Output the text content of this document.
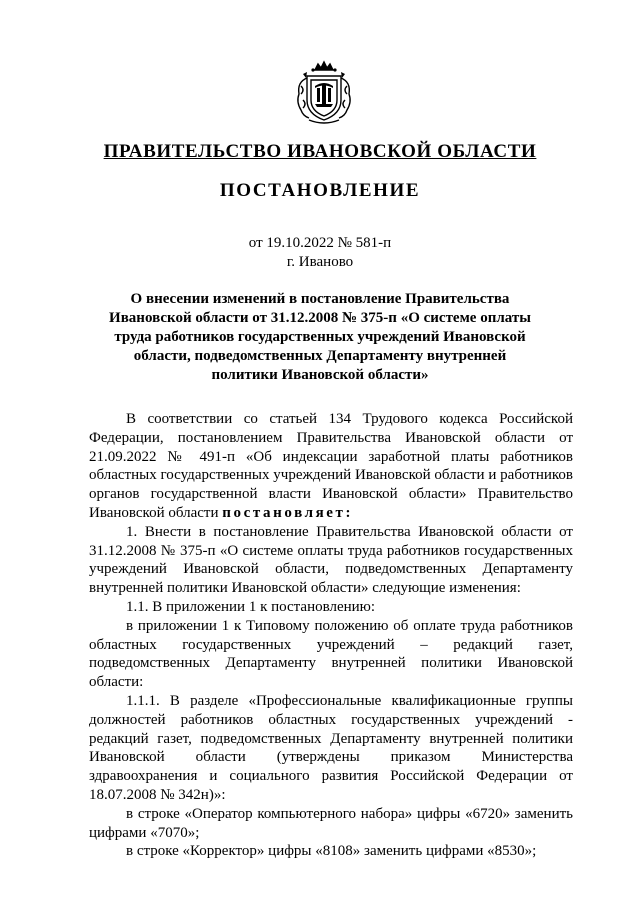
ПРАВИТЕЛЬСТВО ИВАНОВСКОЙ ОБЛАСТИ
ПОСТАНОВЛЕНИЕ
от 19.10.2022 № 581-п
г. Иваново
О внесении изменений в постановление Правительства Ивановской области от 31.12.2008 № 375-п «О системе оплаты труда работников государственных учреждений Ивановской области, подведомственных Департаменту внутренней политики Ивановской области»

В соответствии со статьей 134 Трудового кодекса Российской Федерации, постановлением Правительства Ивановской области от 21.09.2022 № 491-п «Об индексации заработной платы работников областных государственных учреждений Ивановской области и работников органов государственной власти Ивановской области» Правительство Ивановской области постановляет:

1. Внести в постановление Правительства Ивановской области от 31.12.2008 № 375-п «О системе оплаты труда работников государственных учреждений Ивановской области, подведомственных Департаменту внутренней политики Ивановской области» следующие изменения:

1.1. В приложении 1 к постановлению:

в приложении 1 к Типовому положению об оплате труда работников областных государственных учреждений – редакций газет, подведомственных Департаменту внутренней политики Ивановской области:

1.1.1. В разделе «Профессиональные квалификационные группы должностей работников областных государственных учреждений - редакций газет, подведомственных Департаменту внутренней политики Ивановской области (утверждены приказом Министерства здравоохранения и социального развития Российской Федерации от 18.07.2008 № 342н)»:

в строке «Оператор компьютерного набора» цифры «6720» заменить цифрами «7070»;

в строке «Корректор» цифры «8108» заменить цифрами «8530»;
